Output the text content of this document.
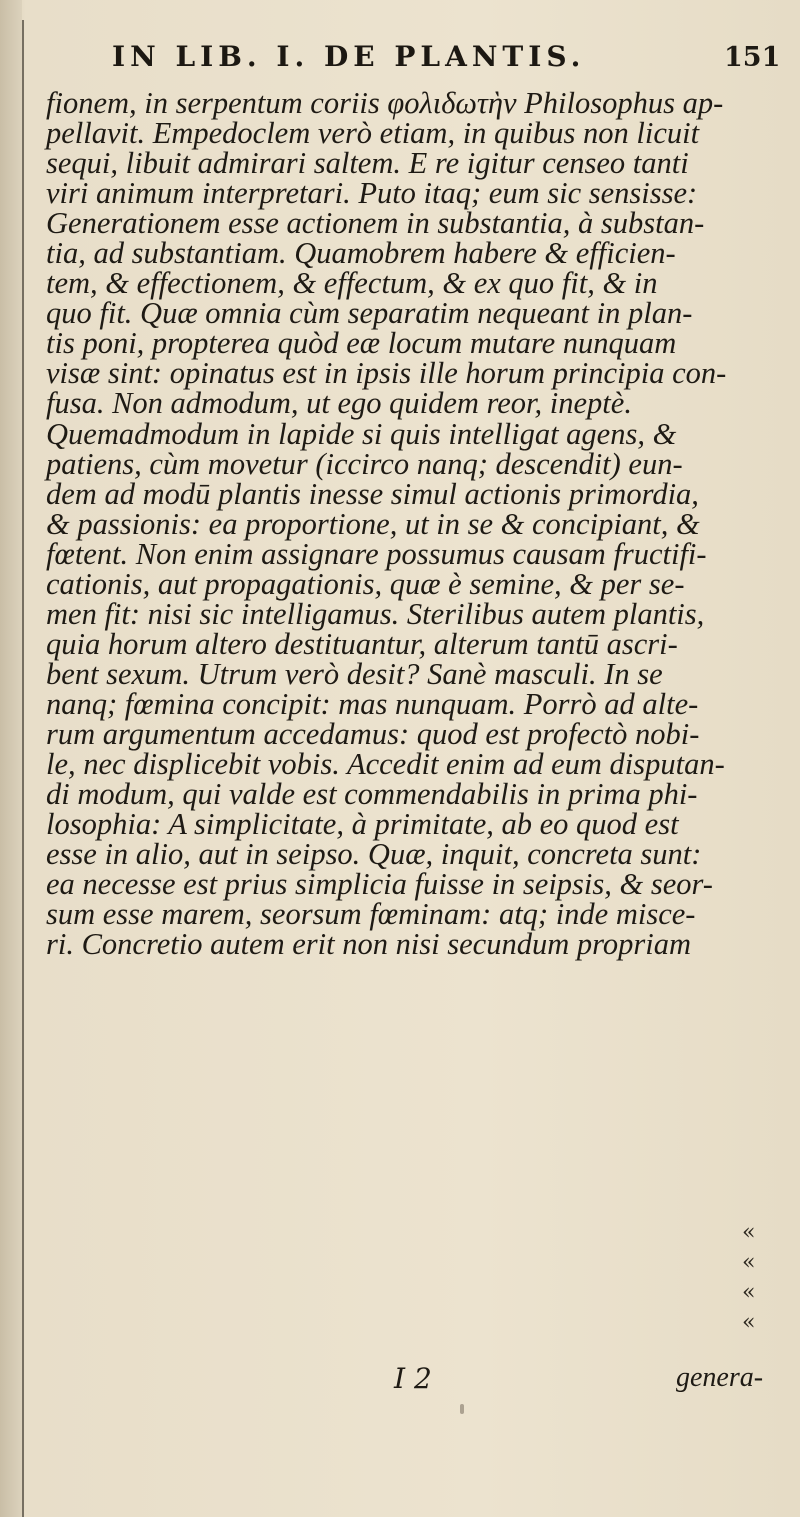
IN LIB. I. DE PLANTIS.	151
fionem, in serpentum coriis φολιδωτὴν Philosophus ap-
pellavit. Empedoclem verò etiam, in quibus non licuit
sequi, libuit admirari saltem. E re igitur censeo tanti
viri animum interpretari. Puto itaq; eum sic sensisse:
Generationem esse actionem in substantia, à substan-
tia, ad substantiam. Quamobrem habere & efficien-
tem, & effectionem, & effectum, & ex quo fit, & in
quo fit. Quæ omnia cùm separatim nequeant in plan-
tis poni, propterea quòd eæ locum mutare nunquam
visæ sint: opinatus est in ipsis ille horum principia con-
fusa. Non admodum, ut ego quidem reor, ineptè.
Quemadmodum in lapide si quis intelligat agens, &
patiens, cùm movetur (iccirco nanq; descendit) eun-
dem ad modū plantis inesse simul actionis primordia,
& passionis: ea proportione, ut in se & concipiant, &
fœtent. Non enim assignare possumus causam fructifi-
cationis, aut propagationis, quæ è semine, & per se-
men fit: nisi sic intelligamus. Sterilibus autem plantis,
quia horum altero destituantur, alterum tantū ascri-
bent sexum. Utrum verò desit? Sanè masculi. In se
nanq; fœmina concipit: mas nunquam. Porrò ad alte-
rum argumentum accedamus: quod est profectò nobi-
le, nec displicebit vobis. Accedit enim ad eum disputan-
di modum, qui valde est commendabilis in prima phi-
losophia: A simplicitate, à primitate, ab eo quod est
esse in alio, aut in seipso. Quæ, inquit, concreta sunt:
ea necesse est prius simplicia fuisse in seipsis, & seor-
sum esse marem, seorsum fœminam: atq; inde misce-
ri. Concretio autem erit non nisi secundum propriam
«
«
«
«
I 2	genera-
